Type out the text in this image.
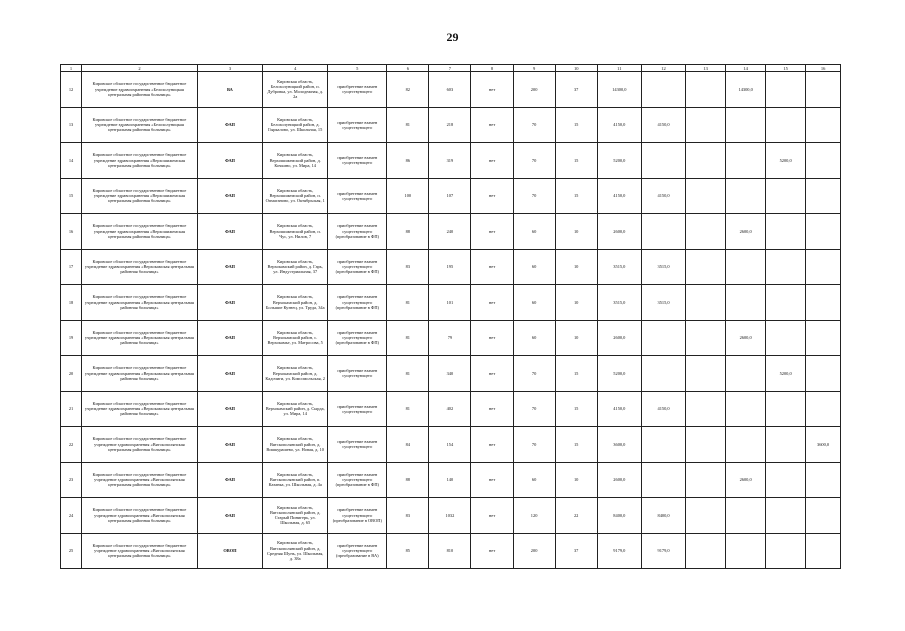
29
1	2	3	4	5	6	7	8	9	10	11	12	13	14	15	16
12	Кировское областное государственное бюджетное учреждение здравоохранения «Белохолуницкая центральная районная больница»	ВА	Кировская область, Белохолуницкий район, п. Дубровка, ул. Молодежная, д. 2а	приобретение взамен существующего	82	603	нет	200	37	14300,0			14300,0		
13	Кировское областное государственное бюджетное учреждение здравоохранения «Белохолуницкая центральная районная больница»	ФАП	Кировская область, Белохолуницкий район, д. Гыркалово, ул. Школьная, 15	приобретение взамен существующего	81	218	нет	70	15	4150,0	4150,0				
14	Кировское областное государственное бюджетное учреждение здравоохранения «Верхошижемская центральная районная больница»	ФАП	Кировская область, Верхошижемский район, д. Кочкино, ул. Мира, 14	приобретение взамен существующего	86	319	нет	70	15	5200,0				5200,0	
15	Кировское областное государственное бюджетное учреждение здравоохранения «Верхошижемская центральная районная больница»	ФАП	Кировская область, Верхошижемский район, п. Опмаганово, ул. Октябрьская, 1	приобретение взамен существующего	100	107	нет	70	15	4150,0	4150,0				
16	Кировское областное государственное бюджетное учреждение здравоохранения «Верхошижемская центральная районная больница»	ФАП	Кировская область, Верхошижемский район, п. Чус, ул. Нилов, 7	приобретение взамен существующего (преобразование в ФП)	88	240	нет	60	10	2600,0			2600,0		
17	Кировское областное государственное бюджетное учреждение здравоохранения «Верхокамская центральная районная больница»	ФАП	Кировская область, Верхокамский район, д. Гарь, ул. Индустриальная, 37	приобретение взамен существующего (преобразование в ФП)	83	195	нет	60	10	3515,0	3515,0				
18	Кировское областное государственное бюджетное учреждение здравоохранения «Верхокамская центральная районная больница»	ФАП	Кировская область, Верхокамский район, д. Большие Кузнец, ул. Труда, 34а	приобретение взамен существующего (преобразование в ФП)	81	101	нет	60	10	3515,0	3515,0				
19	Кировское областное государственное бюджетное учреждение здравоохранения «Верхокамская центральная районная больница»	ФАП	Кировская область, Верхокамский район, с. Верхокамье, ул. Матросова, 5	приобретение взамен существующего (преобразование в ФП)	81	79	нет	60	10	2600,0			2600,0		
20	Кировское областное государственное бюджетное учреждение здравоохранения «Верхокамская центральная районная больница»	ФАП	Кировская область, Верхокамский район, д. Кадочиги, ул. Комсомольская, 2	приобретение взамен существующего	81	340	нет	70	15	5200,0				5200,0	
21	Кировское областное государственное бюджетное учреждение здравоохранения «Верхокамская центральная районная больница»	ФАП	Кировская область, Верхокамский район, д. Сырда, ул. Мира, 14	приобретение взамен существующего	81	402	нет	70	15	4150,0	4150,0				
22	Кировское областное государственное бюджетное учреждение здравоохранения «Вятскополянская центральная районная больница»	ФАП	Кировская область, Вятскополянский район, д. Вишкурашево, ул. Новая, д. 10	приобретение взамен существующего	84	154	нет	70	15	3600,0					3600,0
23	Кировское областное государственное бюджетное учреждение здравоохранения «Вятскополянская центральная районная больница»	ФАП	Кировская область, Вятскополянский район, п. Казанка, ул. Школьная, д. 4а	приобретение взамен существующего (преобразование в ФП)	88	140	нет	60	10	2600,0			2600,0		
24	Кировское областное государственное бюджетное учреждение здравоохранения «Вятскополянская центральная районная больница»	ФАП	Кировская область, Вятскополянский район, д. Старый Пинигерь, ул. Школьная, д. 65	приобретение взамен существующего (преобразование в ОВОП)	83	1032	нет	120	22	8400,0	8400,0				
25	Кировское областное государственное бюджетное учреждение здравоохранения «Вятскополянская центральная районная больница»	ОВОП	Кировская область, Вятскополянский район, д. Средняя Шунь, ул. Школьная, д. 38а	приобретение взамен существующего (преобразование в ВА)	85	810	нет	200	37	9179,0	9179,0				
